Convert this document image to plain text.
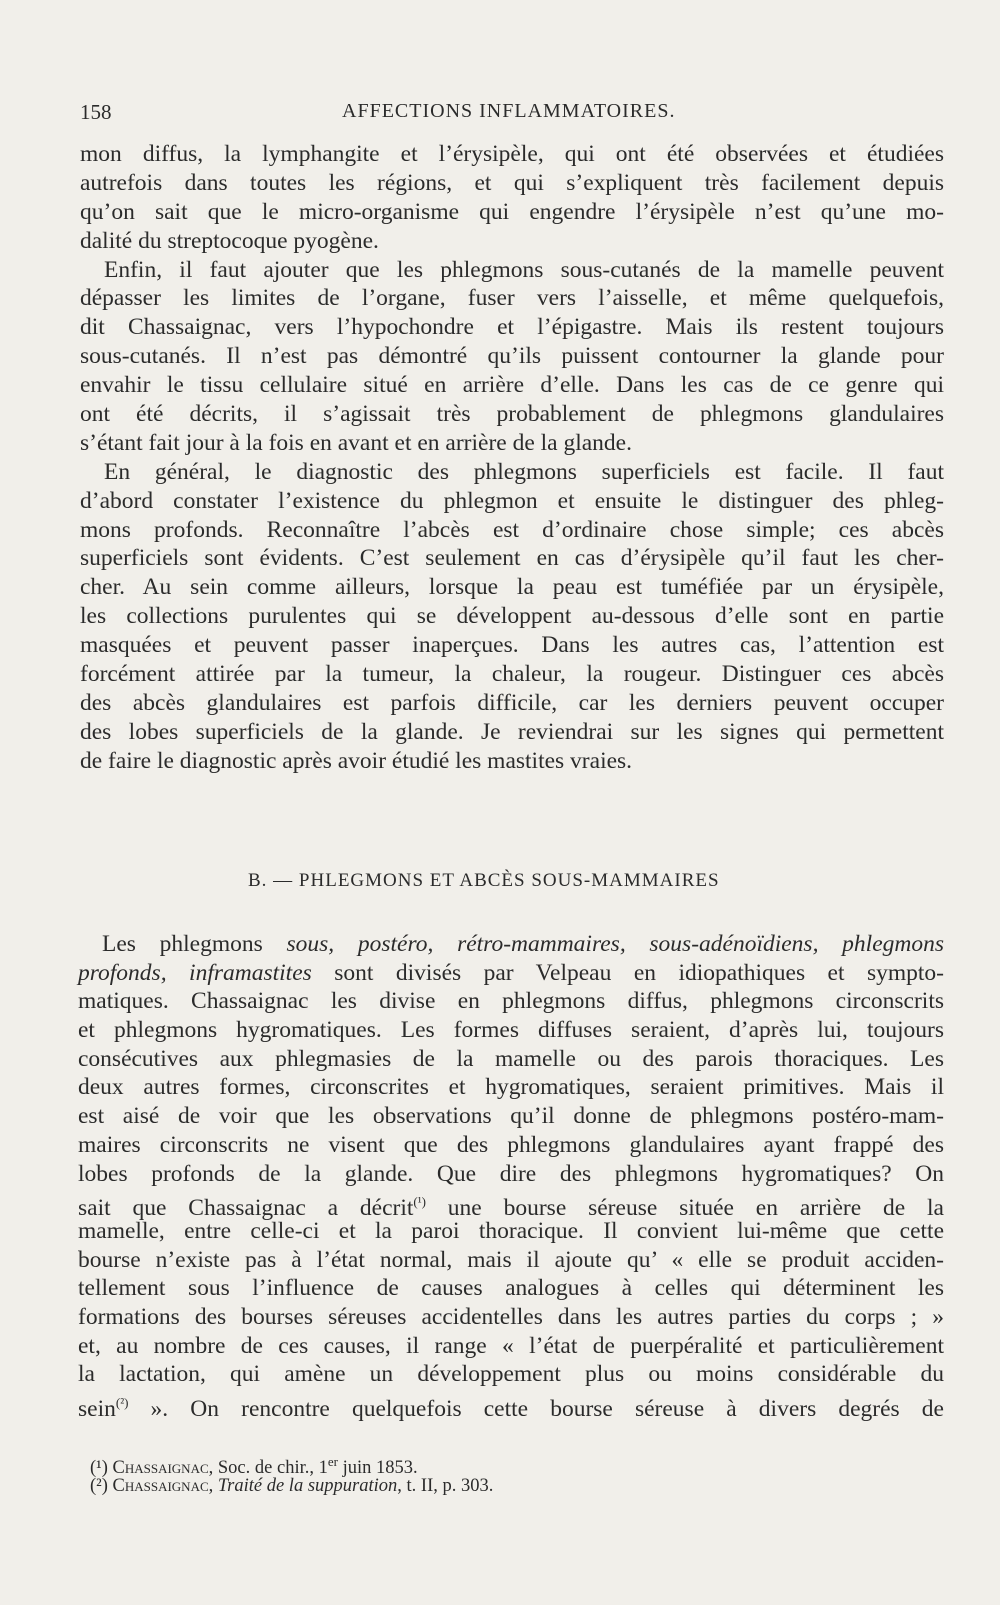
158	AFFECTIONS INFLAMMATOIRES.
mon diffus, la lymphangite et l’érysipèle, qui ont été observées et étudiées
autrefois dans toutes les régions, et qui s’expliquent très facilement depuis
qu’on sait que le micro-organisme qui engendre l’érysipèle n’est qu’une mo-
dalité du streptocoque pyogène.
Enfin, il faut ajouter que les phlegmons sous-cutanés de la mamelle peuvent
dépasser les limites de l’organe, fuser vers l’aisselle, et même quelquefois,
dit Chassaignac, vers l’hypochondre et l’épigastre. Mais ils restent toujours
sous-cutanés. Il n’est pas démontré qu’ils puissent contourner la glande pour
envahir le tissu cellulaire situé en arrière d’elle. Dans les cas de ce genre qui
ont été décrits, il s’agissait très probablement de phlegmons glandulaires
s’étant fait jour à la fois en avant et en arrière de la glande.
En général, le diagnostic des phlegmons superficiels est facile. Il faut
d’abord constater l’existence du phlegmon et ensuite le distinguer des phleg-
mons profonds. Reconnaître l’abcès est d’ordinaire chose simple; ces abcès
superficiels sont évidents. C’est seulement en cas d’érysipèle qu’il faut les cher-
cher. Au sein comme ailleurs, lorsque la peau est tuméfiée par un érysipèle,
les collections purulentes qui se développent au-dessous d’elle sont en partie
masquées et peuvent passer inaperçues. Dans les autres cas, l’attention est
forcément attirée par la tumeur, la chaleur, la rougeur. Distinguer ces abcès
des abcès glandulaires est parfois difficile, car les derniers peuvent occuper
des lobes superficiels de la glande. Je reviendrai sur les signes qui permettent
de faire le diagnostic après avoir étudié les mastites vraies.
B. — PHLEGMONS ET ABCÈS SOUS-MAMMAIRES
Les phlegmons sous, postéro, rétro-mammaires, sous-adénoïdiens, phlegmons
profonds, inframastites sont divisés par Velpeau en idiopathiques et sympto-
matiques. Chassaignac les divise en phlegmons diffus, phlegmons circonscrits
et phlegmons hygromatiques. Les formes diffuses seraient, d’après lui, toujours
consécutives aux phlegmasies de la mamelle ou des parois thoraciques. Les
deux autres formes, circonscrites et hygromatiques, seraient primitives. Mais il
est aisé de voir que les observations qu’il donne de phlegmons postéro-mam-
maires circonscrits ne visent que des phlegmons glandulaires ayant frappé des
lobes profonds de la glande. Que dire des phlegmons hygromatiques? On
sait que Chassaignac a décrit$^{(^1)}$ une bourse séreuse située en arrière de la
mamelle, entre celle-ci et la paroi thoracique. Il convient lui-même que cette
bourse n’existe pas à l’état normal, mais il ajoute qu’ « elle se produit acciden-
tellement sous l’influence de causes analogues à celles qui déterminent les
formations des bourses séreuses accidentelles dans les autres parties du corps ; »
et, au nombre de ces causes, il range « l’état de puerpéralité et particulièrement
la lactation, qui amène un développement plus ou moins considérable du
sein$^{(^2)}$ ». On rencontre quelquefois cette bourse séreuse à divers degrés de
(¹) Chassaignac, Soc. de chir., 1er juin 1853.
(²) Chassaignac, Traité de la suppuration, t. II, p. 303.
